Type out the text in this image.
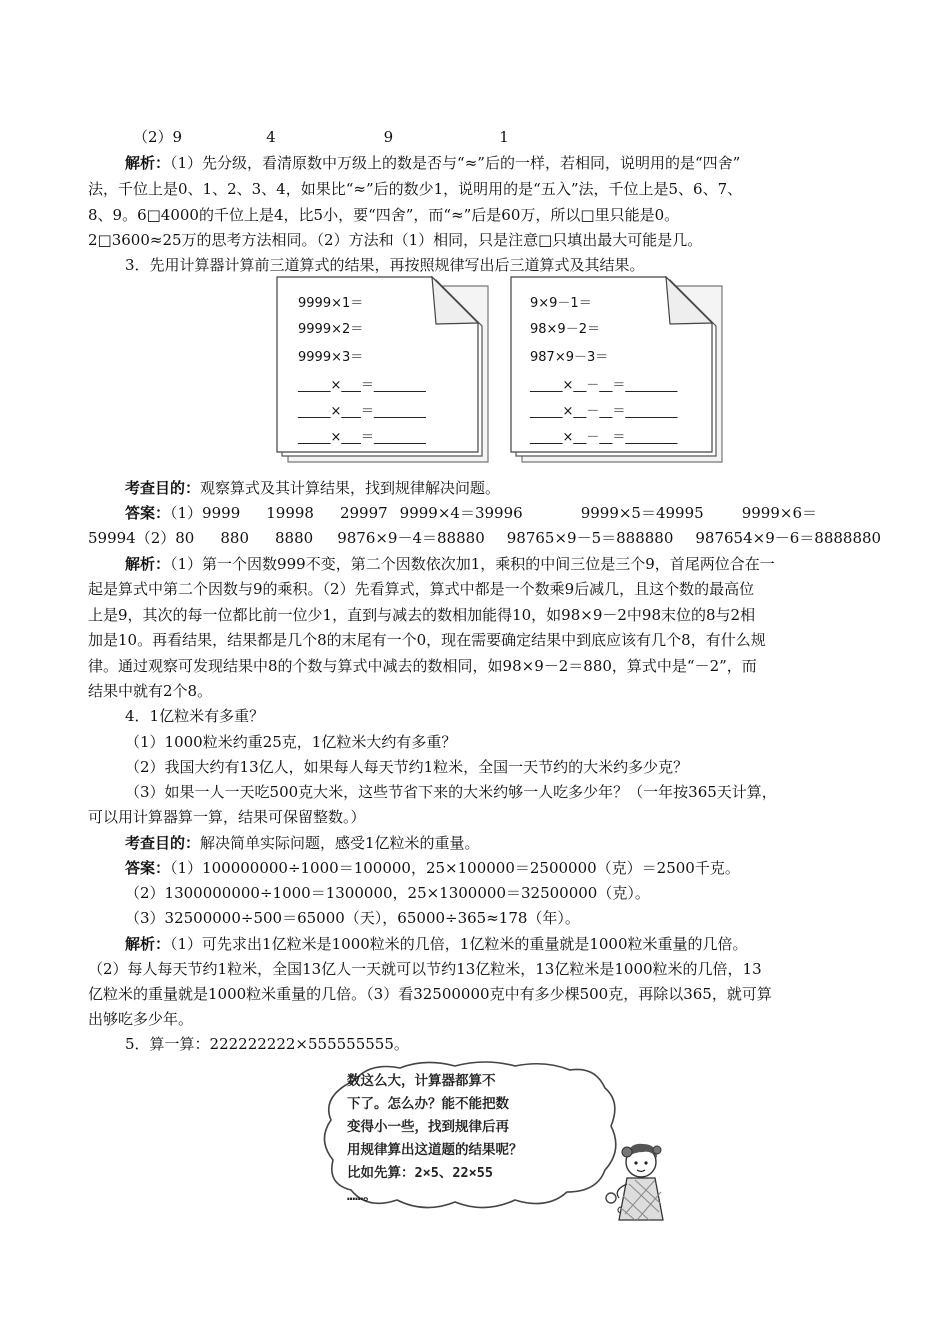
（2）9	4	9	1
解析：（1）先分级，看清原数中万级上的数是否与“≈”后的一样，若相同，说明用的是“四舍”
法，千位上是0、1、2、3、4，如果比“≈”后的数少1，说明用的是“五入”法，千位上是5、6、7、
8、9。6□4000的千位上是4，比5小，要“四舍”，而“≈”后是60万，所以□里只能是0。
2□3600≈25万的思考方法相同。（2）方法和（1）相同，只是注意□只填出最大可能是几。
3．先用计算器计算前三道算式的结果，再按照规律写出后三道算式及其结果。
9999×1＝
9999×2＝
9999×3＝
_____×___＝________
_____×___＝________
_____×___＝________
9×9－1＝
98×9－2＝
987×9－3＝
_____×__－__＝________
_____×__－__＝________
_____×__－__＝________
考查目的：观察算式及其计算结果，找到规律解决问题。
答案：（1）9999 19998 29997 9999×4＝39996	9999×5＝49995	9999×6＝
59994（2）80 880 8880 9876×9－4＝88880 98765×9－5＝888880 987654×9－6＝8888880
解析：（1）第一个因数999不变，第二个因数依次加1，乘积的中间三位是三个9，首尾两位合在一
起是算式中第二个因数与9的乘积。（2）先看算式，算式中都是一个数乘9后减几，且这个数的最高位
上是9，其次的每一位都比前一位少1，直到与减去的数相加能得10，如98×9－2中98末位的8与2相
加是10。再看结果，结果都是几个8的末尾有一个0，现在需要确定结果中到底应该有几个8，有什么规
律。通过观察可发现结果中8的个数与算式中减去的数相同，如98×9－2＝880，算式中是“－2”，而
结果中就有2个8。
4．1亿粒米有多重？
（1）1000粒米约重25克，1亿粒米大约有多重？
（2）我国大约有13亿人，如果每人每天节约1粒米，全国一天节约的大米约多少克？
（3）如果一人一天吃500克大米，这些节省下来的大米约够一人吃多少年？（一年按365天计算，
可以用计算器算一算，结果可保留整数。）
考查目的：解决简单实际问题，感受1亿粒米的重量。
答案：（1）100000000÷1000＝100000，25×100000＝2500000（克）＝2500千克。
（2）1300000000÷1000＝1300000，25×1300000＝32500000（克）。
（3）32500000÷500＝65000（天），65000÷365≈178（年）。
解析：（1）可先求出1亿粒米是1000粒米的几倍，1亿粒米的重量就是1000粒米重量的几倍。
（2）每人每天节约1粒米，全国13亿人一天就可以节约13亿粒米，13亿粒米是1000粒米的几倍，13
亿粒米的重量就是1000粒米重量的几倍。（3）看32500000克中有多少棵500克，再除以365，就可算
出够吃多少年。
5．算一算：222222222×555555555。
数这么大，计算器都算不
下了。怎么办？能不能把数
变得小一些，找到规律后再
用规律算出这道题的结果呢？
比如先算：2×5、22×55
……。
